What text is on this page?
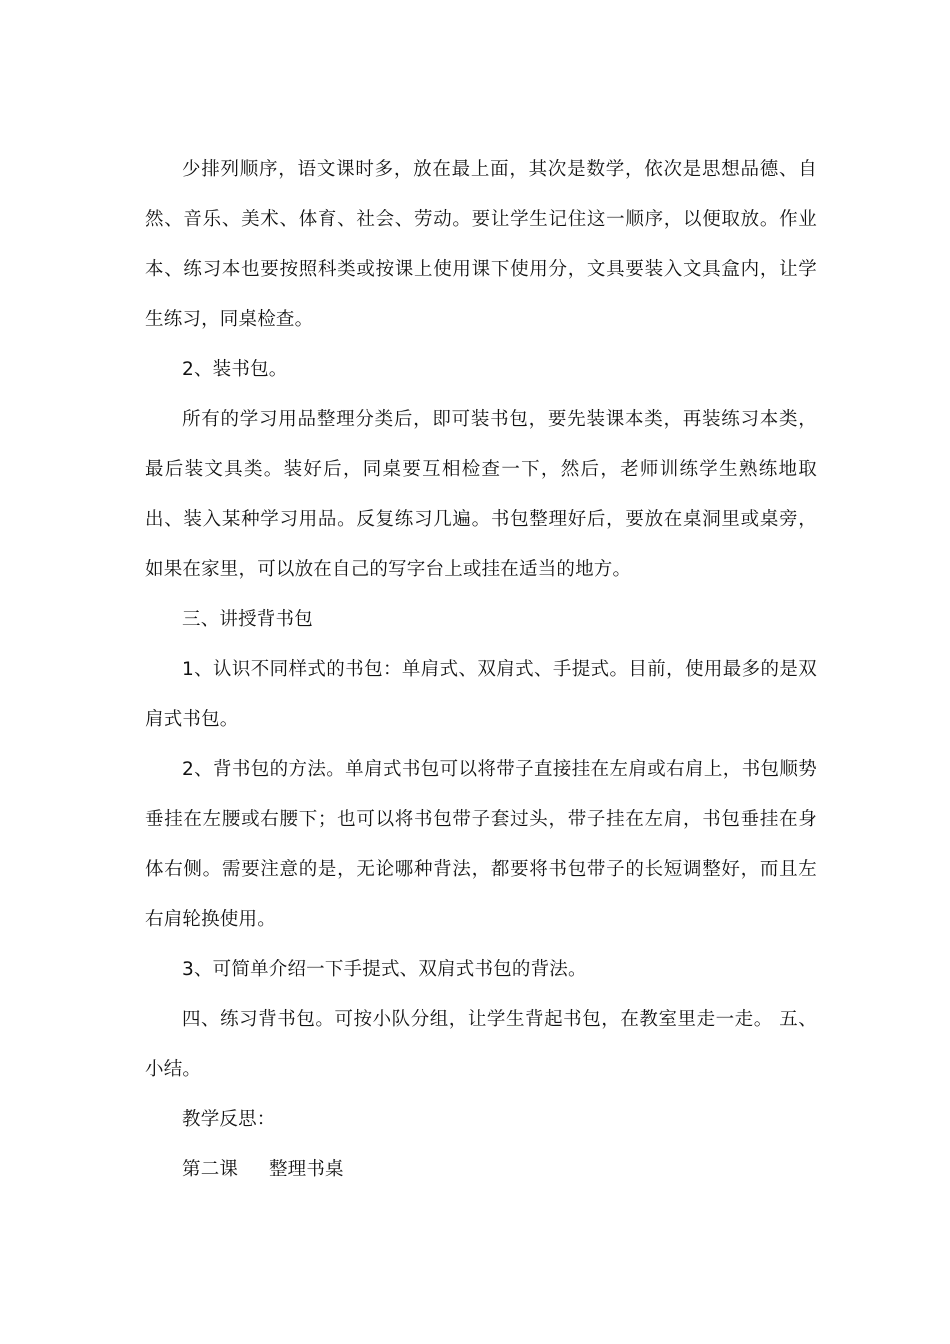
少排列顺序，语文课时多，放在最上面，其次是数学，依次是思想品德、自然、音乐、美术、体育、社会、劳动。要让学生记住这一顺序，以便取放。作业本、练习本也要按照科类或按课上使用课下使用分，文具要装入文具盒内，让学生练习，同桌检查。

2、装书包。

所有的学习用品整理分类后，即可装书包，要先装课本类，再装练习本类，最后装文具类。装好后，同桌要互相检查一下，然后，老师训练学生熟练地取出、装入某种学习用品。反复练习几遍。书包整理好后，要放在桌洞里或桌旁，如果在家里，可以放在自己的写字台上或挂在适当的地方。

三、讲授背书包

1、认识不同样式的书包：单肩式、双肩式、手提式。目前，使用最多的是双肩式书包。

2、背书包的方法。单肩式书包可以将带子直接挂在左肩或右肩上，书包顺势垂挂在左腰或右腰下；也可以将书包带子套过头，带子挂在左肩，书包垂挂在身体右侧。需要注意的是，无论哪种背法，都要将书包带子的长短调整好，而且左右肩轮换使用。

3、可简单介绍一下手提式、双肩式书包的背法。

四、练习背书包。可按小队分组，让学生背起书包，在教室里走一走。 五、小结。

教学反思：

第二课　  整理书桌
